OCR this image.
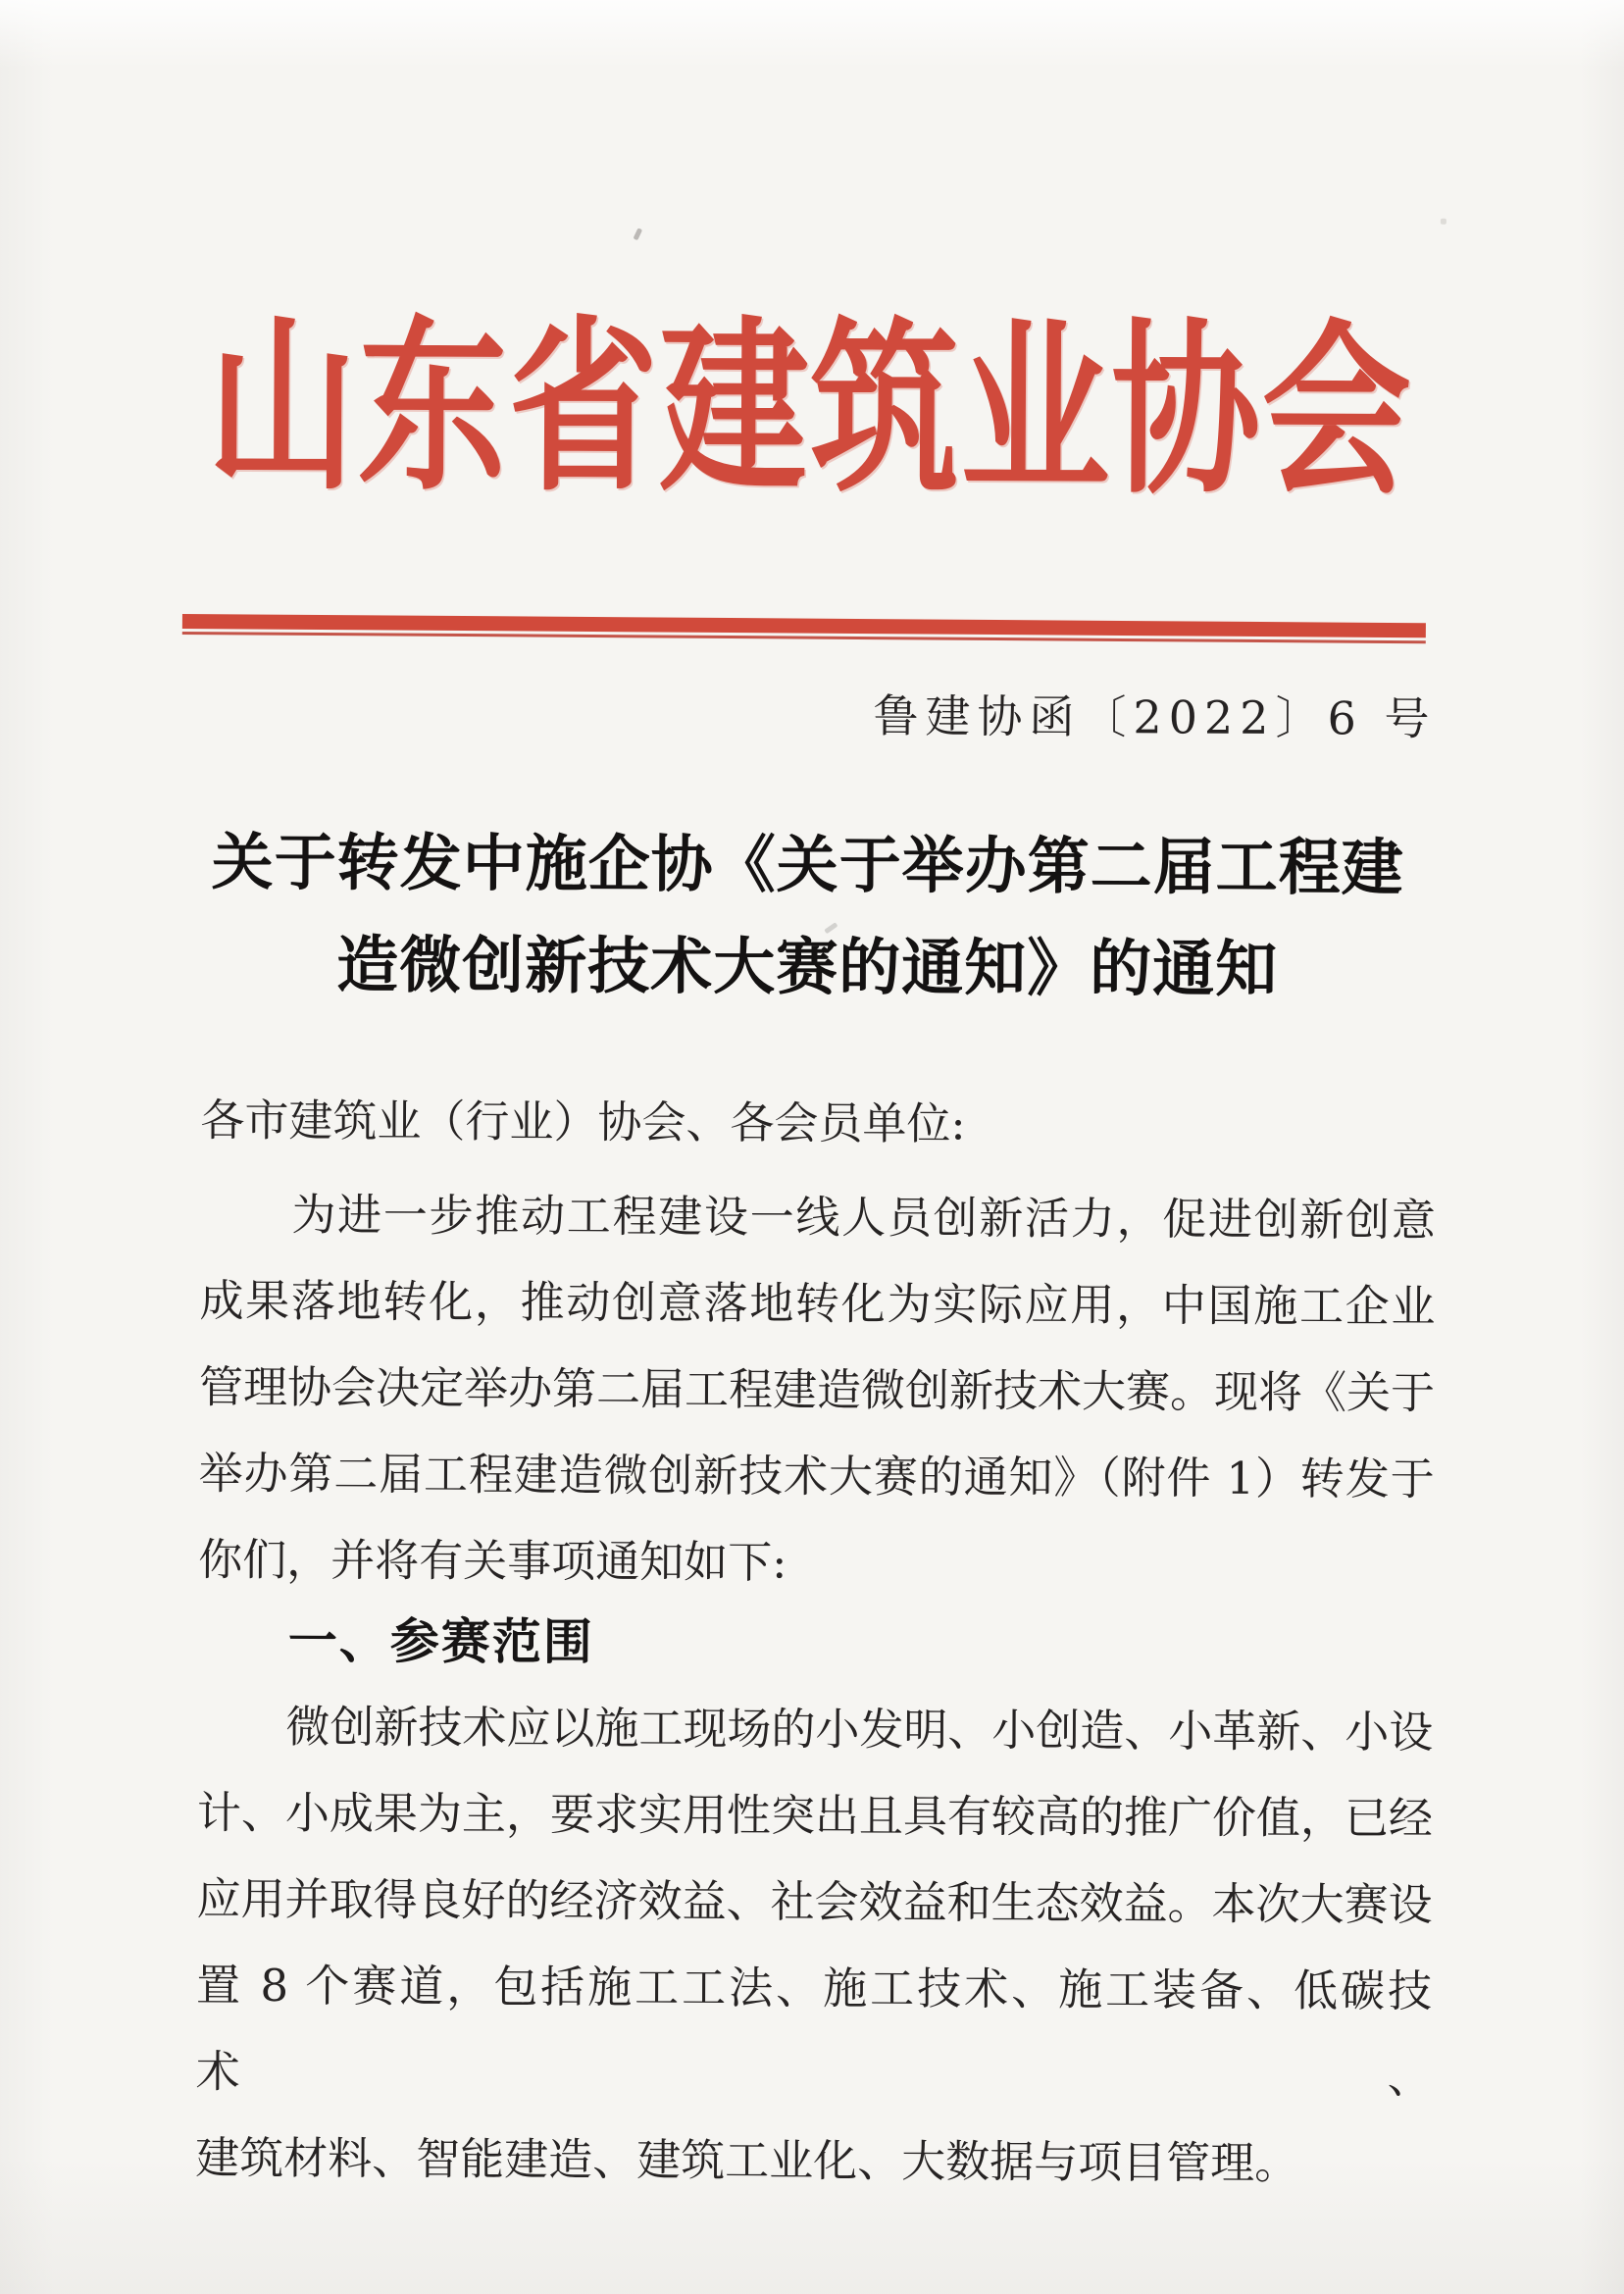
山东省建筑业协会
鲁建协函〔2022〕6 号
关于转发中施企协《关于举办第二届工程建
造微创新技术大赛的通知》的通知
各市建筑业（行业）协会、各会员单位:
　　为进一步推动工程建设一线人员创新活力，促进创新创意
成果落地转化，推动创意落地转化为实际应用，中国施工企业
管理协会决定举办第二届工程建造微创新技术大赛。现将《关于
举办第二届工程建造微创新技术大赛的通知》（附件 1）转发于
你们，并将有关事项通知如下:
一、参赛范围
　　微创新技术应以施工现场的小发明、小创造、小革新、小设
计、小成果为主，要求实用性突出且具有较高的推广价值，已经
应用并取得良好的经济效益、社会效益和生态效益。本次大赛设
置 8 个赛道，包括施工工法、施工技术、施工装备、低碳技术、
建筑材料、智能建造、建筑工业化、大数据与项目管理。
